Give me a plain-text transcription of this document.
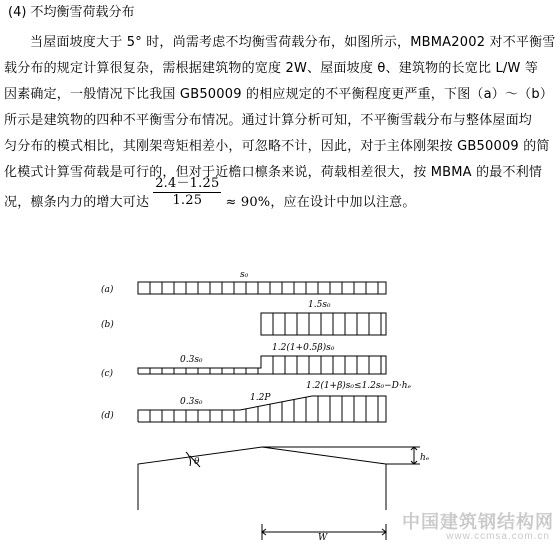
(4) 不均衡雪荷载分布
当屋面坡度大于 5° 时，尚需考虑不均衡雪荷载分布，如图所示，MBMA2002 对不平衡雪
载分布的规定计算很复杂，需根据建筑物的宽度 2W、屋面坡度 θ、建筑物的长宽比 L/W 等
因素确定，一般情况下比我国 GB50009 的相应规定的不平衡程度更严重，下图（a）～（b）
所示是建筑物的四种不平衡雪分布情况。通过计算分析可知，不平衡雪载分布与整体屋面均
匀分布的模式相比，其刚架弯矩相差小，可忽略不计，因此，对于主体刚架按 GB50009 的简
化模式计算雪荷载是可行的，但对于近檐口檩条来说，荷载相差很大，按 MBMA 的最不利情
况，檩条内力的增大可达 $\frac{2.4-1.25}{1.25} \approx 90\%$，应在设计中加以注意。
(a)
(b)
(c)
(d)
s₀
1.5s₀
0.3s₀
1.2(1+0.5β)s₀
0.3s₀	1.2P
1.2(1+β)s₀≤1.2s₀−D·hₑ
θ	hₑ
W
中国建筑钢结构网
www.ccmsa.com.cn
